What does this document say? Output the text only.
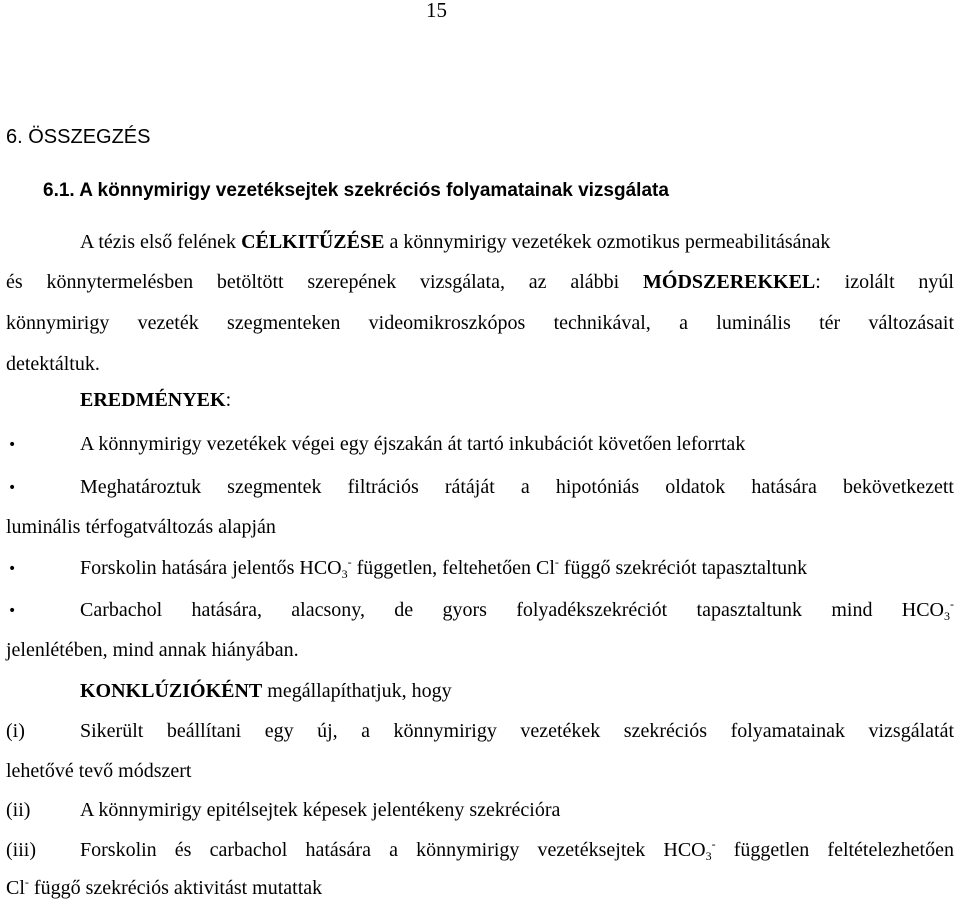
15
6. ÖSSZEGZÉS
6.1. A könnymirigy vezetéksejtek szekréciós folyamatainak vizsgálata
A tézis első felének CÉLKITŰZÉSE a könnymirigy vezetékek ozmotikus permeabilitásának
és könnytermelésben betöltött szerepének vizsgálata, az alábbi MÓDSZEREKKEL: izolált nyúl
könnymirigy vezeték szegmenteken videomikroszkópos technikával, a luminális tér változásait
detektáltuk.
EREDMÉNYEK:
•	A könnymirigy vezetékek végei egy éjszakán át tartó inkubációt követően leforrtak
•	Meghatároztuk szegmentek filtrációs rátáját a hipotóniás oldatok hatására bekövetkezett
luminális térfogatváltozás alapján
•	Forskolin hatására jelentős $HCO_3^-$ független, feltehetően Cl- függő szekréciót tapasztaltunk
•	Carbachol hatására, alacsony, de gyors folyadékszekréciót tapasztaltunk mind $HCO_3^-$
jelenlétében, mind annak hiányában.
KONKLÚZIÓKÉNT megállapíthatjuk, hogy
(i)	Sikerült beállítani egy új, a könnymirigy vezetékek szekréciós folyamatainak vizsgálatát
lehetővé tevő módszert
(ii) A könnymirigy epitélsejtek képesek jelentékeny szekrécióra
(iii) Forskolin és carbachol hatására a könnymirigy vezetéksejtek $HCO_3^-$ független feltételezhetően
Cl- függő szekréciós aktivitást mutattak
